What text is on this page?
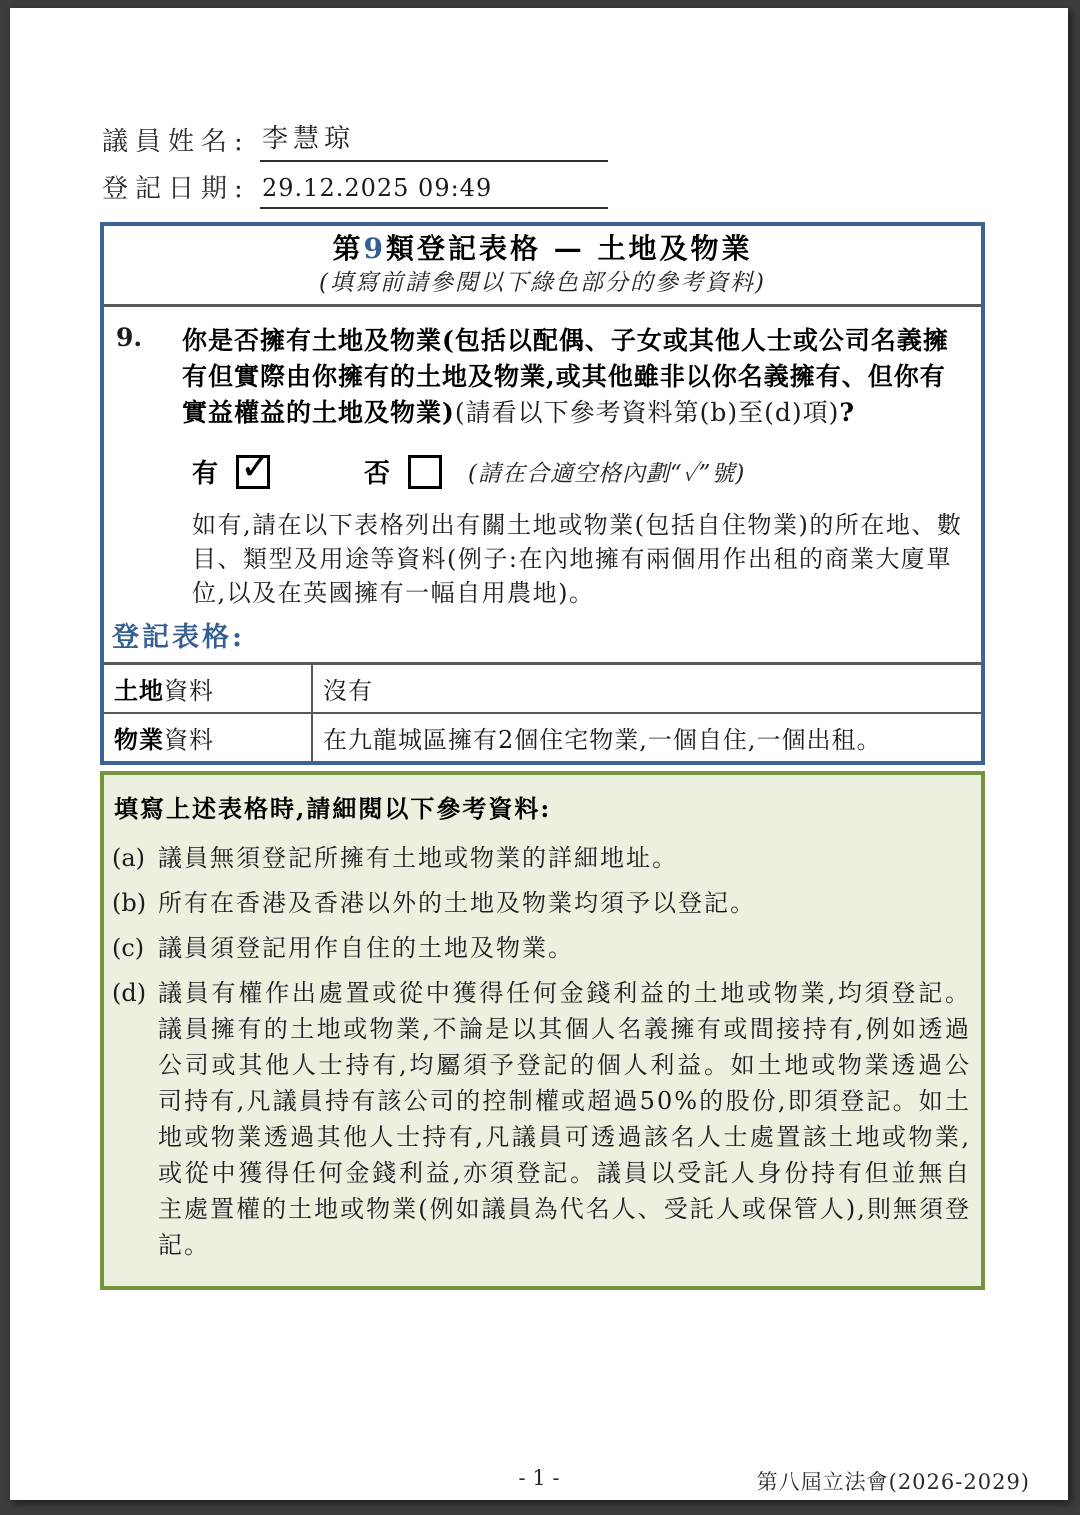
議員姓名: 李慧琼
登記日期: 29.12.2025 09:49
第9類登記表格 — 土地及物業
(填寫前請參閱以下綠色部分的參考資料)
9.	你是否擁有土地及物業(包括以配偶、子女或其他人士或公司名義擁有但實際由你擁有的土地及物業,或其他雖非以你名義擁有、但你有實益權益的土地及物業)(請看以下參考資料第(b)至(d)項)?
有 ✓	否	(請在合適空格內劃“✓”號)
如有,請在以下表格列出有關土地或物業(包括自住物業)的所在地、數目、類型及用途等資料(例子:在內地擁有兩個用作出租的商業大廈單位,以及在英國擁有一幅自用農地)。
登記表格:
土地資料	沒有
物業資料	在九龍城區擁有2個住宅物業,一個自住,一個出租。
填寫上述表格時,請細閱以下參考資料:
(a) 議員無須登記所擁有土地或物業的詳細地址。
(b) 所有在香港及香港以外的土地及物業均須予以登記。
(c) 議員須登記用作自住的土地及物業。
(d) 議員有權作出處置或從中獲得任何金錢利益的土地或物業,均須登記。議員擁有的土地或物業,不論是以其個人名義擁有或間接持有,例如透過公司或其他人士持有,均屬須予登記的個人利益。如土地或物業透過公司持有,凡議員持有該公司的控制權或超過50%的股份,即須登記。如土地或物業透過其他人士持有,凡議員可透過該名人士處置該土地或物業,或從中獲得任何金錢利益,亦須登記。議員以受託人身份持有但並無自主處置權的土地或物業(例如議員為代名人、受託人或保管人),則無須登記。
- 1 -	第八屆立法會(2026-2029)
